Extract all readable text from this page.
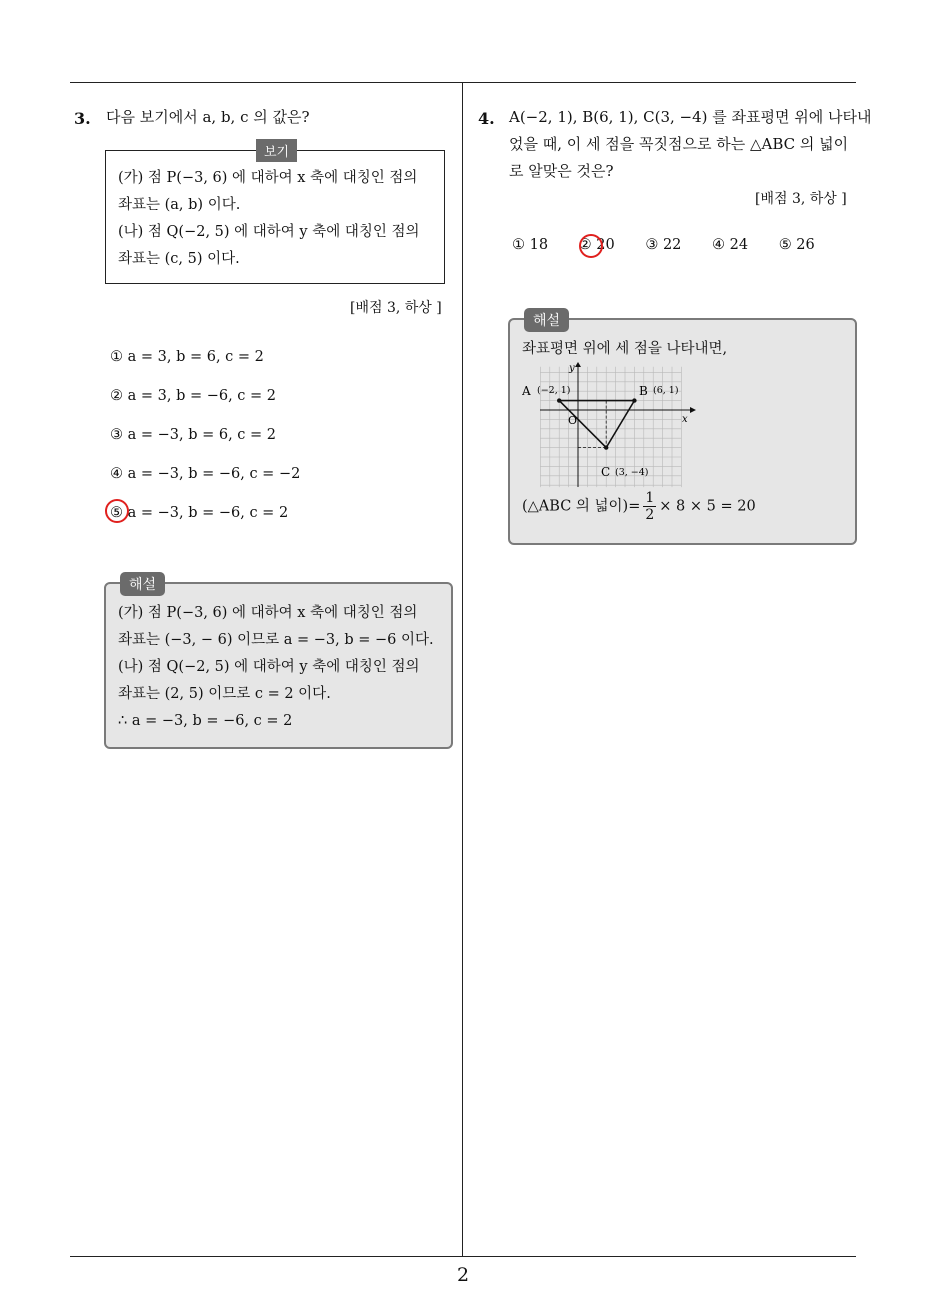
2
3. 다음 보기에서 a, b, c 의 값은?
보기
(가) 점 P(−3, 6) 에 대하여 x 축에 대칭인 점의
좌표는 (a, b) 이다.
(나) 점 Q(−2, 5) 에 대하여 y 축에 대칭인 점의
좌표는 (c, 5) 이다.
[배점 3, 하상 ]
① a = 3, b = 6, c = 2
② a = 3, b = −6, c = 2
③ a = −3, b = 6, c = 2
④ a = −3, b = −6, c = −2
⑤ a = −3, b = −6, c = 2
해설
(가) 점 P(−3, 6) 에 대하여 x 축에 대칭인 점의
좌표는 (−3, − 6) 이므로 a = −3, b = −6 이다.
(나) 점 Q(−2, 5) 에 대하여 y 축에 대칭인 점의
좌표는 (2, 5) 이므로 c = 2 이다.
∴ a = −3, b = −6, c = 2
4. A(−2, 1), B(6, 1), C(3, −4) 를 좌표평면 위에 나타내
었을 때, 이 세 점을 꼭짓점으로 하는 △ABC 의 넓이
로 알맞은 것은?
[배점 3, 하상 ]
① 18 ② 20 ③ 22 ④ 24 ⑤ 26
해설
좌표평면 위에 세 점을 나타내면,
x
y
O
A (−2, 1)	B (6, 1)
C (3, −4)
(△ABC 의 넓이)= $\frac{1}{2} \times 8 \times 5 = 20$
